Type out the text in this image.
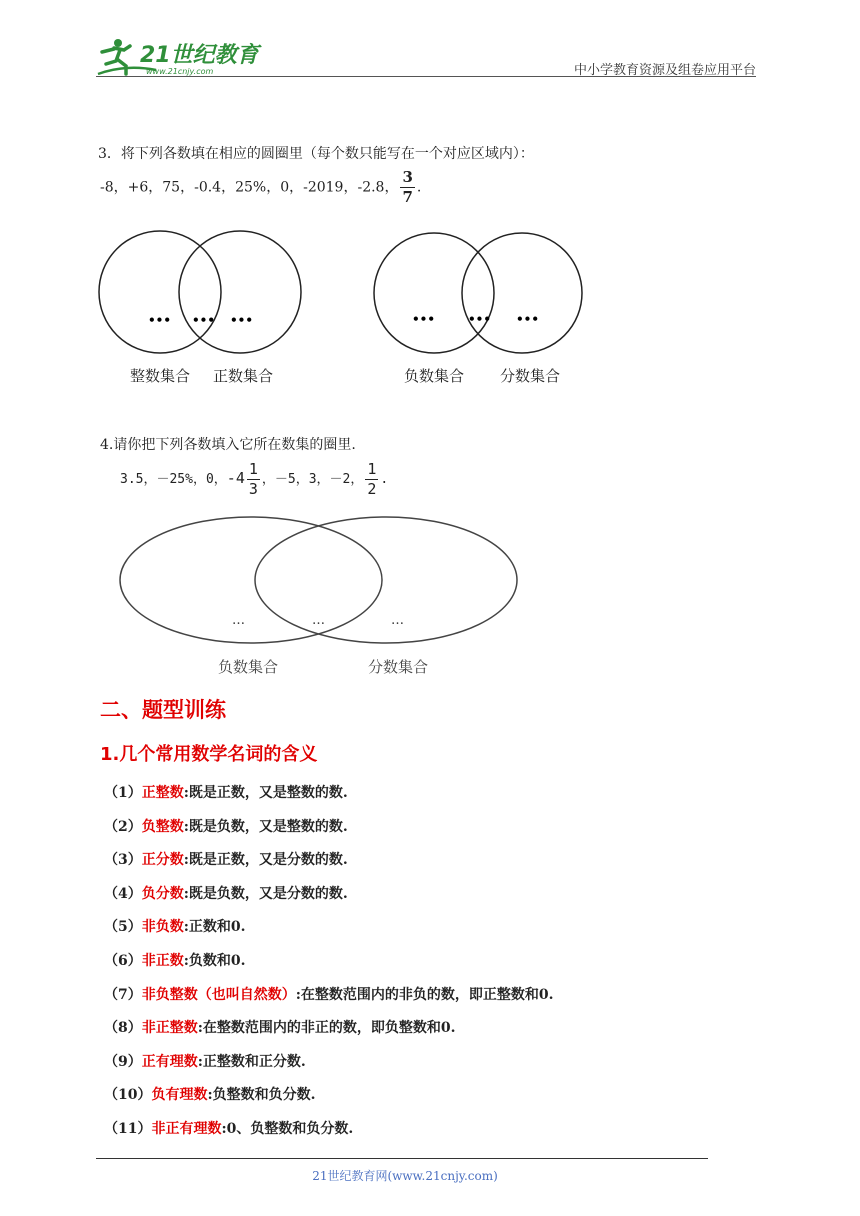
21世纪教育
www.21cnjy.com	中小学教育资源及组卷应用平台
3．将下列各数填在相应的圆圈里（每个数只能写在一个对应区域内）：
-8，+6，75，-0.4，25%，0，-2019，-2.8， $\frac{3}{7}$ .
••• ••• •••
整数集合 正数集合
•••	••• •••
负数集合 分数集合
4.请你把下列各数填入它所在数集的圈里.
3.5，－25%，0，$-4 \frac{1}{3}$ ，－5，3，－2， $\frac{1}{2}$ .
…	…	…
负数集合	分数集合
二、题型训练
1.几个常用数学名词的含义
（1）正整数:既是正数，又是整数的数.
（2）负整数:既是负数，又是整数的数.
（3）正分数:既是正数，又是分数的数.
（4）负分数:既是负数，又是分数的数.
（5）非负数:正数和0.
（6）非正数:负数和0.
（7）非负整数（也叫自然数）:在整数范围内的非负的数，即正整数和0.
（8）非正整数:在整数范围内的非正的数，即负整数和0.
（9）正有理数:正整数和正分数.
（10）负有理数:负整数和负分数.
（11）非正有理数:0、负整数和负分数.
21世纪教育网(www.21cnjy.com)
